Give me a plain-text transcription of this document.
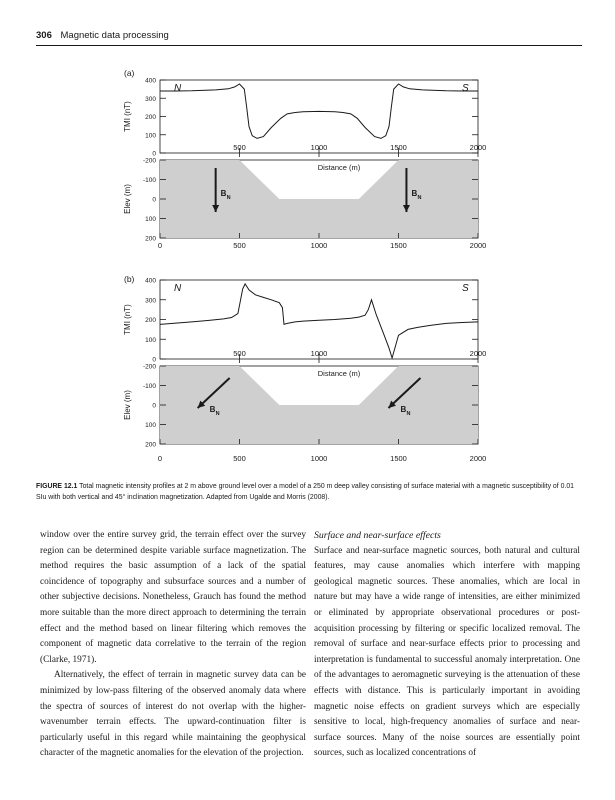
306 Magnetic data processing
(a)
0
100
200
300
400
TMI (nT)
N	S
500	1000	1500	2000
Distance (m)
-200
-100
0
100
200
Elev (m)
0	500	1000	1500	2000
B N	B N
(b)
0
100
200
300
400
TMI (nT)
N	S
500	1000	2000
Distance (m)
-200
-100
0
100
200
Elev (m)
0	500	1000	1500	2000
B N	B N
FIGURE 12.1 Total magnetic intensity profiles at 2 m above ground level over a model of a 250 m deep valley consisting of surface material with a magnetic susceptibility of 0.01 SIu with both vertical and 45° inclination magnetization. Adapted from Ugalde and Morris (2008).

window over the entire survey grid, the terrain effect over the survey region can be determined despite variable surface magnetization. The method requires the basic assumption of a lack of the spatial coincidence of topography and subsurface sources and a number of other subjective decisions. Nonetheless, Grauch has found the method more suitable than the more direct approach to determining the terrain effect and the method based on linear filtering which removes the component of magnetic data correlative to the terrain of the region (Clarke, 1971).

Alternatively, the effect of terrain in magnetic survey data can be minimized by low-pass filtering of the observed anomaly data where the spectra of sources of interest do not overlap with the higher-wavenumber terrain effects. The upward-continuation filter is particularly useful in this regard while maintaining the geophysical character of the magnetic anomalies for the elevation of the projection.

Surface and near-surface effects

Surface and near-surface magnetic sources, both natural and cultural features, may cause anomalies which interfere with mapping geological magnetic sources. These anomalies, which are local in nature but may have a wide range of intensities, are either minimized or eliminated by appropriate observational procedures or post-acquisition processing by filtering or specific localized removal. The removal of surface and near-surface effects prior to processing and interpretation is fundamental to successful anomaly interpretation. One of the advantages to aeromagnetic surveying is the attenuation of these effects with distance. This is particularly important in avoiding magnetic noise effects on gradient surveys which are especially sensitive to local, high-frequency anomalies of surface and near-surface sources. Many of the noise sources are essentially point sources, such as localized concentrations of
